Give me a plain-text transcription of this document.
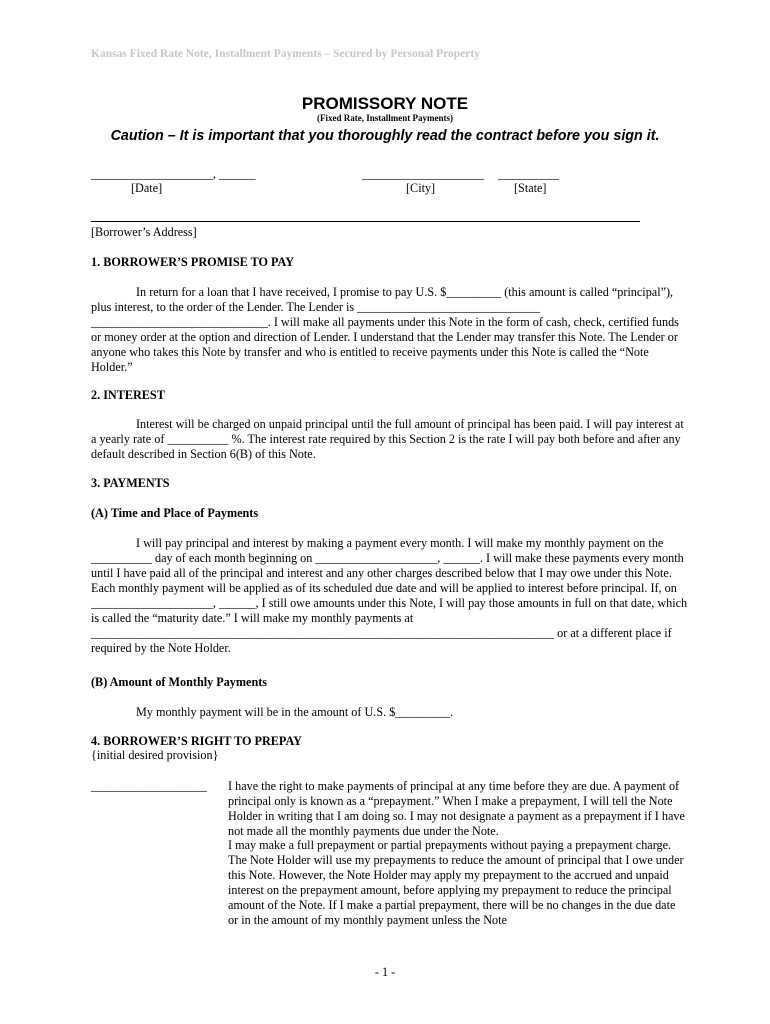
Kansas Fixed Rate Note, Installment Payments – Secured by Personal Property
PROMISSORY NOTE
(Fixed Rate, Installment Payments)
Caution – It is important that you thoroughly read the contract before you sign it.
____________________, ______	____________________ __________
[Date]	[City]	[State]
[Borrower’s Address]
1. BORROWER’S PROMISE TO PAY
In return for a loan that I have received, I promise to pay U.S. $_________ (this amount is called “principal”), plus interest, to the order of the Lender. The Lender is ______________________________ _____________________________. I will make all payments under this Note in the form of cash, check, certified funds or money order at the option and direction of Lender. I understand that the Lender may transfer this Note. The Lender or anyone who takes this Note by transfer and who is entitled to receive payments under this Note is called the “Note Holder.”
2. INTEREST
Interest will be charged on unpaid principal until the full amount of principal has been paid. I will pay interest at a yearly rate of __________ %. The interest rate required by this Section 2 is the rate I will pay both before and after any default described in Section 6(B) of this Note.
3. PAYMENTS
(A) Time and Place of Payments
I will pay principal and interest by making a payment every month. I will make my monthly payment on the __________ day of each month beginning on ____________________, ______. I will make these payments every month until I have paid all of the principal and interest and any other charges described below that I may owe under this Note. Each monthly payment will be applied as of its scheduled due date and will be applied to interest before principal. If, on ____________________, ______, I still owe amounts under this Note, I will pay those amounts in full on that date, which is called the “maturity date.” I will make my monthly payments at ____________________________________________________________________________ or at a different place if required by the Note Holder.
(B) Amount of Monthly Payments
My monthly payment will be in the amount of U.S. $_________.
4. BORROWER’S RIGHT TO PREPAY
{initial desired provision}
___________________ I have the right to make payments of principal at any time before they are due. A payment of principal only is known as a “prepayment.” When I make a prepayment, I will tell the Note Holder in writing that I am doing so. I may not designate a payment as a prepayment if I have not made all the monthly payments due under the Note.
I may make a full prepayment or partial prepayments without paying a prepayment charge. The Note Holder will use my prepayments to reduce the amount of principal that I owe under this Note. However, the Note Holder may apply my prepayment to the accrued and unpaid interest on the prepayment amount, before applying my prepayment to reduce the principal amount of the Note. If I make a partial prepayment, there will be no changes in the due date or in the amount of my monthly payment unless the Note
- 1 -
